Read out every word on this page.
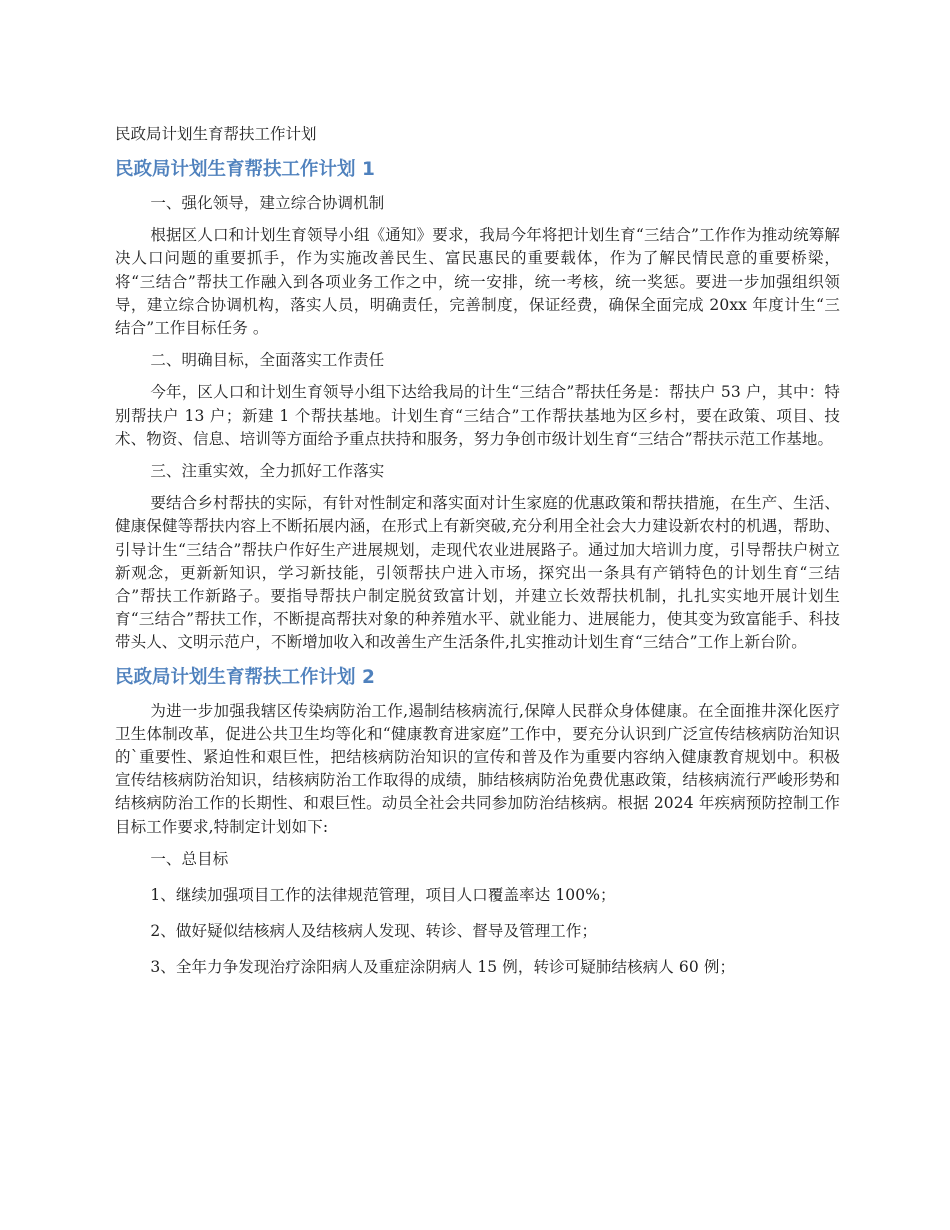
民政局计划生育帮扶工作计划
民政局计划生育帮扶工作计划 1

一、强化领导，建立综合协调机制

根据区人口和计划生育领导小组《通知》要求，我局今年将把计划生育“三结合”工作作为推动统筹解决人口问题的重要抓手，作为实施改善民生、富民惠民的重要载体，作为了解民情民意的重要桥梁，将“三结合”帮扶工作融入到各项业务工作之中，统一安排，统一考核，统一奖惩。要进一步加强组织领导，建立综合协调机构，落实人员，明确责任，完善制度，保证经费，确保全面完成 20xx 年度计生“三结合”工作目标任务 。

二、明确目标，全面落实工作责任

今年，区人口和计划生育领导小组下达给我局的计生“三结合”帮扶任务是：帮扶户 53 户，其中：特别帮扶户 13 户；新建 1 个帮扶基地。计划生育“三结合”工作帮扶基地为区乡村，要在政策、项目、技术、物资、信息、培训等方面给予重点扶持和服务，努力争创市级计划生育“三结合”帮扶示范工作基地。

三、注重实效，全力抓好工作落实

要结合乡村帮扶的实际，有针对性制定和落实面对计生家庭的优惠政策和帮扶措施，在生产、生活、健康保健等帮扶内容上不断拓展内涵，在形式上有新突破,充分利用全社会大力建设新农村的机遇，帮助、引导计生“三结合”帮扶户作好生产进展规划，走现代农业进展路子。通过加大培训力度，引导帮扶户树立新观念，更新新知识，学习新技能，引领帮扶户进入市场，探究出一条具有产销特色的计划生育“三结合”帮扶工作新路子。要指导帮扶户制定脱贫致富计划，并建立长效帮扶机制，扎扎实实地开展计划生育“三结合”帮扶工作，不断提高帮扶对象的种养殖水平、就业能力、进展能力，使其变为致富能手、科技带头人、文明示范户，不断增加收入和改善生产生活条件,扎实推动计划生育“三结合”工作上新台阶。

民政局计划生育帮扶工作计划 2

为进一步加强我辖区传染病防治工作,遏制结核病流行,保障人民群众身体健康。在全面推井深化医疗卫生体制改革，促进公共卫生均等化和“健康教育进家庭”工作中，要充分认识到广泛宣传结核病防治知识的`重要性、紧迫性和艰巨性，把结核病防治知识的宣传和普及作为重要内容纳入健康教育规划中。积极宣传结核病防治知识，结核病防治工作取得的成绩，肺结核病防治免费优惠政策，结核病流行严峻形势和结核病防治工作的长期性、和艰巨性。动员全社会共同参加防治结核病。根据 2024 年疾病预防控制工作目标工作要求,特制定计划如下:

一、总目标

1、继续加强项目工作的法律规范管理，项目人口覆盖率达 100%；

2、做好疑似结核病人及结核病人发现、转诊、督导及管理工作；

3、全年力争发现治疗涂阳病人及重症涂阴病人 15 例，转诊可疑肺结核病人 60 例；
